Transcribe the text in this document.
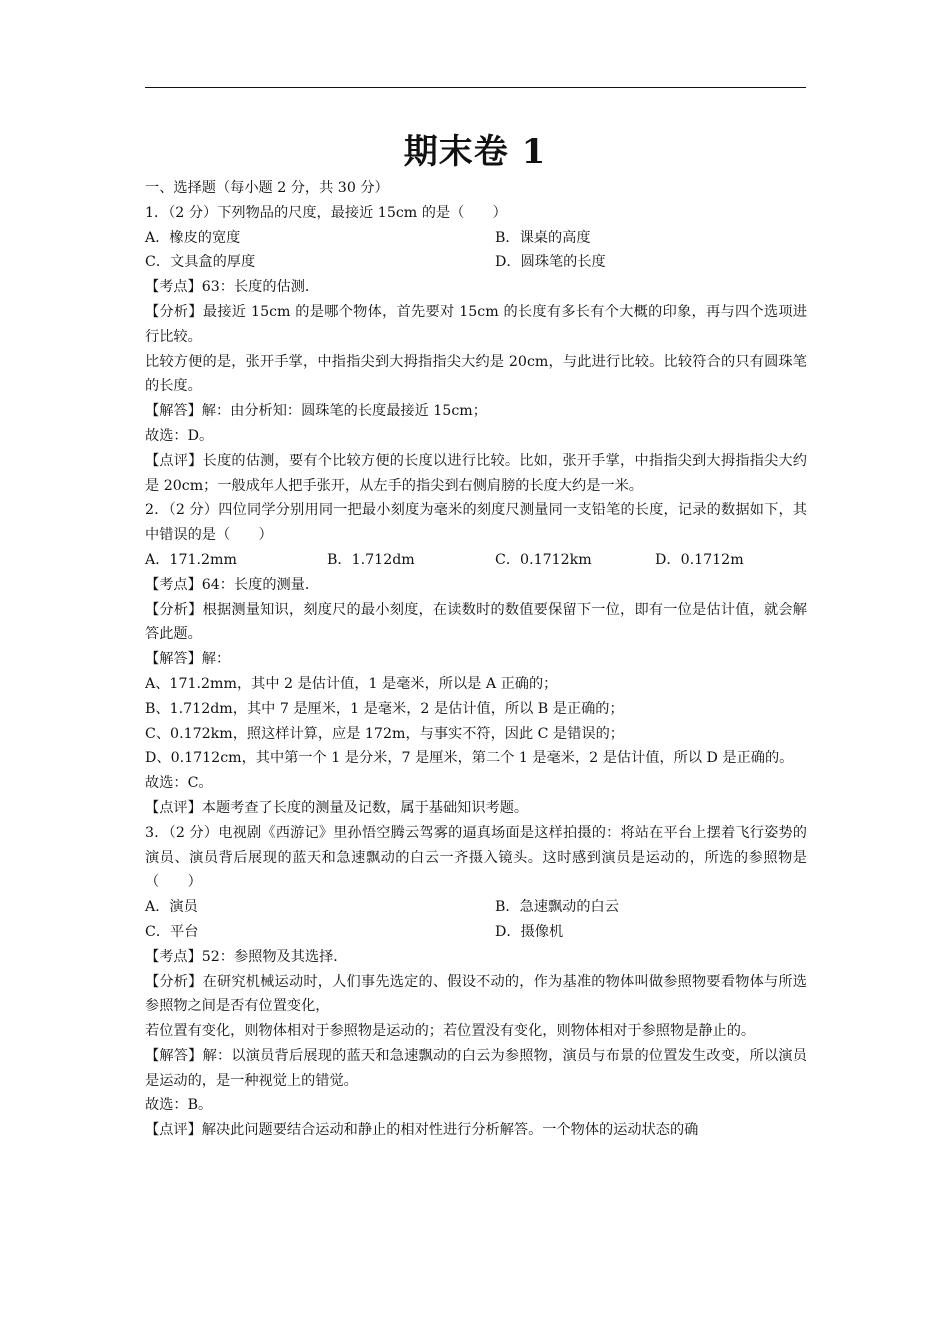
期末卷 1
一、选择题（每小题 2 分，共 30 分）
1．（2 分）下列物品的尺度，最接近 15cm 的是（　　）
A．橡皮的宽度	B．课桌的高度
C．文具盒的厚度	D．圆珠笔的长度
【考点】63：长度的估测．
【分析】最接近 15cm 的是哪个物体，首先要对 15cm 的长度有多长有个大概的印象，再与四个选项进行比较。
比较方便的是，张开手掌，中指指尖到大拇指指尖大约是 20cm，与此进行比较。比较符合的只有圆珠笔的长度。
【解答】解：由分析知：圆珠笔的长度最接近 15cm；
故选：D。
【点评】长度的估测，要有个比较方便的长度以进行比较。比如，张开手掌，中指指尖到大拇指指尖大约是 20cm；一般成年人把手张开，从左手的指尖到右侧肩膀的长度大约是一米。
2．（2 分）四位同学分别用同一把最小刻度为毫米的刻度尺测量同一支铅笔的长度，记录的数据如下，其中错误的是（　　）
A．171.2mm	B．1.712dm	C．0.1712km	D．0.1712m
【考点】64：长度的测量．
【分析】根据测量知识，刻度尺的最小刻度，在读数时的数值要保留下一位，即有一位是估计值，就会解答此题。
【解答】解：
A、171.2mm，其中 2 是估计值，1 是毫米，所以是 A 正确的；
B、1.712dm，其中 7 是厘米，1 是毫米，2 是估计值，所以 B 是正确的；
C、0.172km，照这样计算，应是 172m，与事实不符，因此 C 是错误的；
D、0.1712cm，其中第一个 1 是分米，7 是厘米，第二个 1 是毫米，2 是估计值，所以 D 是正确的。
故选：C。
【点评】本题考查了长度的测量及记数，属于基础知识考题。
3．（2 分）电视剧《西游记》里孙悟空腾云驾雾的逼真场面是这样拍摄的：将站在平台上摆着飞行姿势的演员、演员背后展现的蓝天和急速飘动的白云一齐摄入镜头。这时感到演员是运动的，所选的参照物是（　　）
A．演员	B．急速飘动的白云
C．平台	D．摄像机
【考点】52：参照物及其选择．
【分析】在研究机械运动时，人们事先选定的、假设不动的，作为基准的物体叫做参照物要看物体与所选参照物之间是否有位置变化，
若位置有变化，则物体相对于参照物是运动的；若位置没有变化，则物体相对于参照物是静止的。
【解答】解：以演员背后展现的蓝天和急速飘动的白云为参照物，演员与布景的位置发生改变，所以演员是运动的，是一种视觉上的错觉。
故选：B。
【点评】解决此问题要结合运动和静止的相对性进行分析解答。一个物体的运动状态的确
